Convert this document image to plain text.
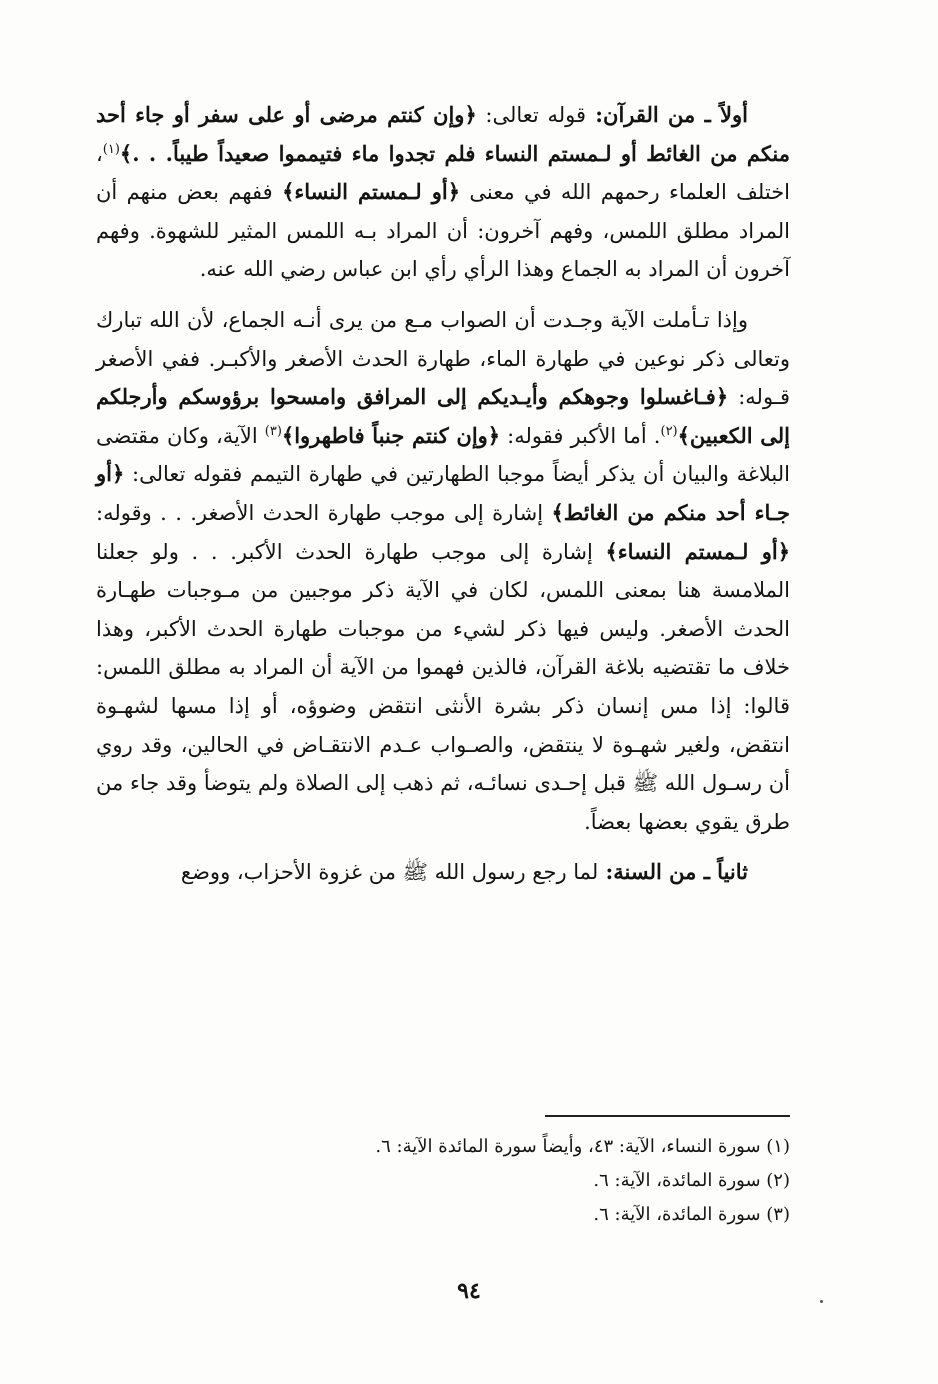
أولاً ـ من القرآن: قوله تعالى: ﴿وإن كنتم مرضى أو على سفر أو جاء أحد منكم من الغائط أو لـمستم النساء فلم تجدوا ماء فتيمموا صعيداً طيباً. . .﴾$^{(١)}$، اختلف العلماء رحمهم الله في معنى ﴿أو لـمستم النساء﴾ ففهم بعض منهم أن المراد مطلق اللمس، وفهم آخرون: أن المراد بـه اللمس المثير للشهوة. وفهم آخرون أن المراد به الجماع وهذا الرأي رأي ابن عباس رضي الله عنه.

وإذا تـأملت الآية وجـدت أن الصواب مـع من يرى أنـه الجماع، لأن الله تبارك وتعالى ذكر نوعين في طهارة الماء، طهارة الحدث الأصغر والأكبـر. ففي الأصغر قـوله: ﴿فـاغسلوا وجوهكم وأيـديكم إلى المرافق وامسحوا برؤوسكم وأرجلكم إلى الكعبين﴾$^{(٢)}$. أما الأكبر فقوله: ﴿وإن كنتم جنباً فاطهروا﴾$^{(٣)}$ الآية، وكان مقتضى البلاغة والبيان أن يذكر أيضاً موجبا الطهارتين في طهارة التيمم فقوله تعالى: ﴿أو جـاء أحد منكم من الغائط﴾ إشارة إلى موجب طهارة الحدث الأصغر. . . وقوله: ﴿أو لـمستم النساء﴾ إشارة إلى موجب طهارة الحدث الأكبر. . . ولو جعلنا الملامسة هنا بمعنى اللمس، لكان في الآية ذكر موجبين من مـوجبات طهـارة الحدث الأصغر. وليس فيها ذكر لشيء من موجبات طهارة الحدث الأكبر، وهذا خلاف ما تقتضيه بلاغة القرآن، فالذين فهموا من الآية أن المراد به مطلق اللمس: قالوا: إذا مس إنسان ذكر بشرة الأنثى انتقض وضوؤه، أو إذا مسها لشهـوة انتقض، ولغير شهـوة لا ينتقض، والصـواب عـدم الانتقـاض في الحالين، وقد روي أن رسـول الله ﷺ قبل إحـدى نسائـه، ثم ذهب إلى الصلاة ولم يتوضأ وقد جاء من طرق يقوي بعضها بعضاً.

ثانياً ـ من السنة: لما رجع رسول الله ﷺ من غزوة الأحزاب، ووضع

(١) سورة النساء، الآية: ٤٣، وأيضاً سورة المائدة الآية: ٦.

(٢) سورة المائدة، الآية: ٦.

(٣) سورة المائدة، الآية: ٦.

٩٤
